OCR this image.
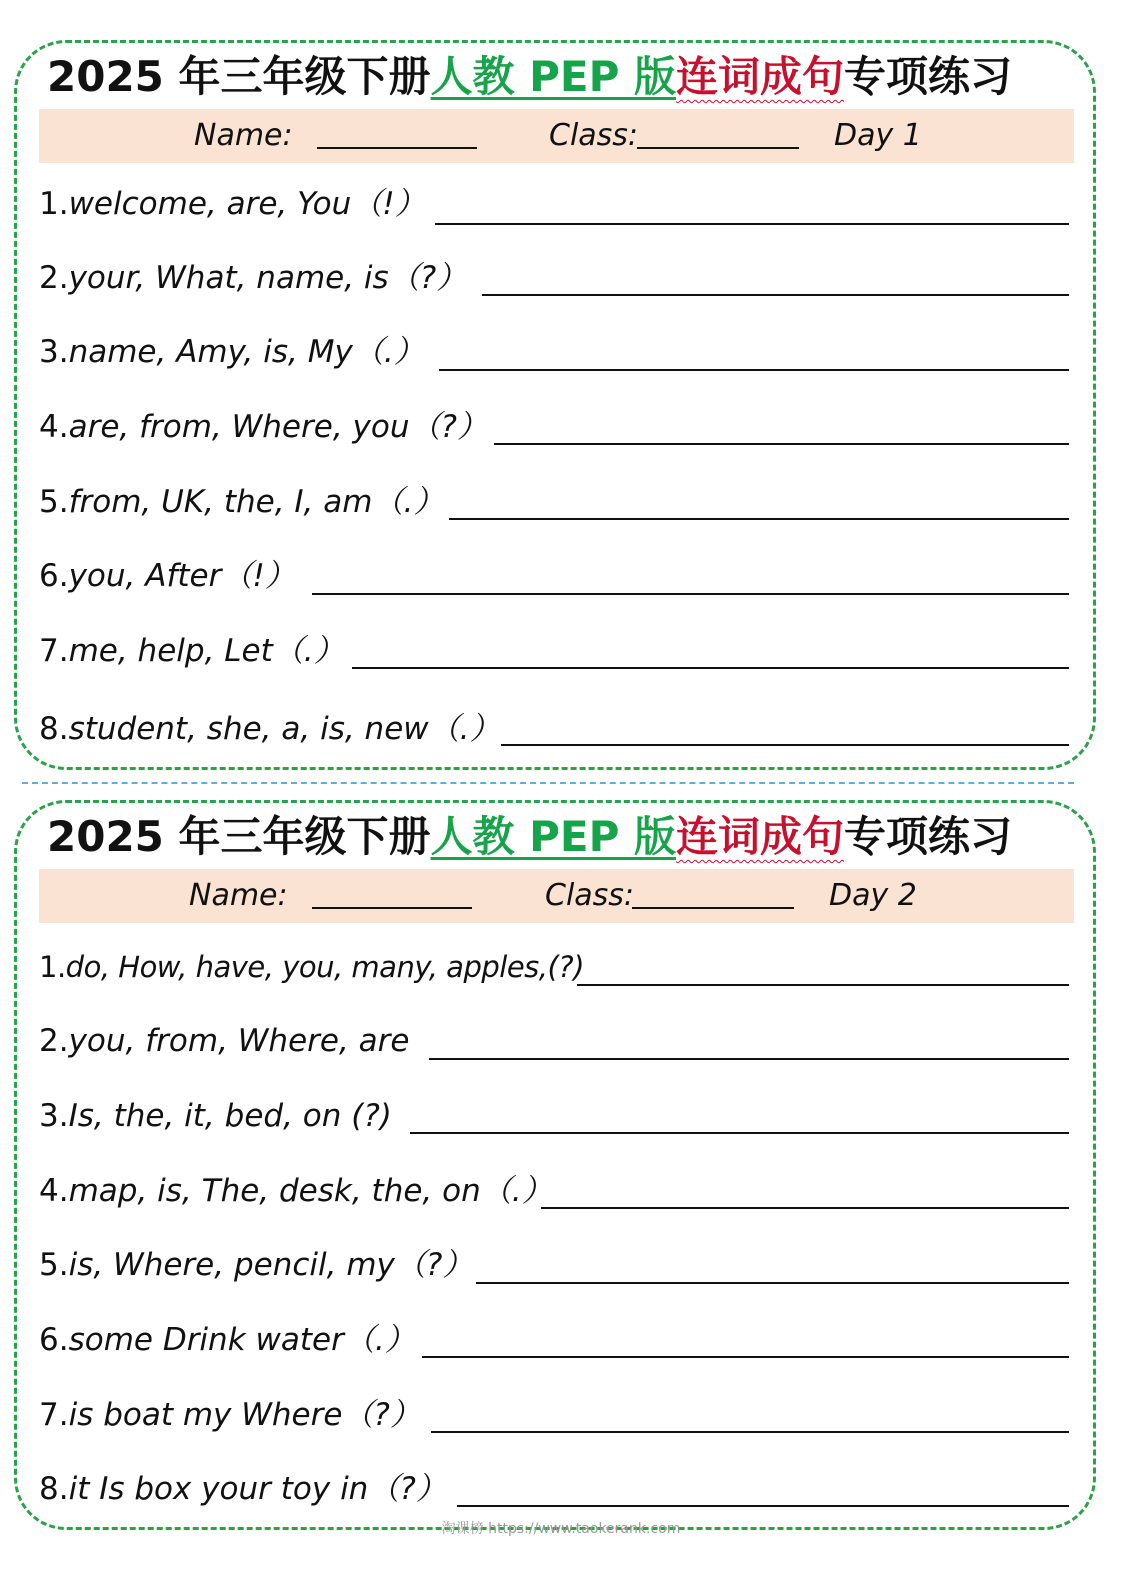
2025 年三年级下册人教 PEP 版连词成句专项练习
Name:	Class:	Day 1
1.welcome, are, You（!）
2.your, What, name, is（?）
3.name, Amy, is, My（.）
4.are, from, Where, you（?）
5.from, UK, the, I, am（.）
6.you, After（!）
7.me, help, Let（.）
8.student, she, a, is, new（.）
2025 年三年级下册人教 PEP 版连词成句专项练习
Name:	Class:	Day 2
1.do, How, have, you, many, apples,(?)
2.you, from, Where, are
3.Is, the, it, bed, on (?)
4.map, is, The, desk, the, on（.）
5.is, Where, pencil, my（?）
6.some Drink water（.）
7.is boat my Where（?）
8.it Is box your toy in（?）
淘课榜 https://www.taokerank.com
